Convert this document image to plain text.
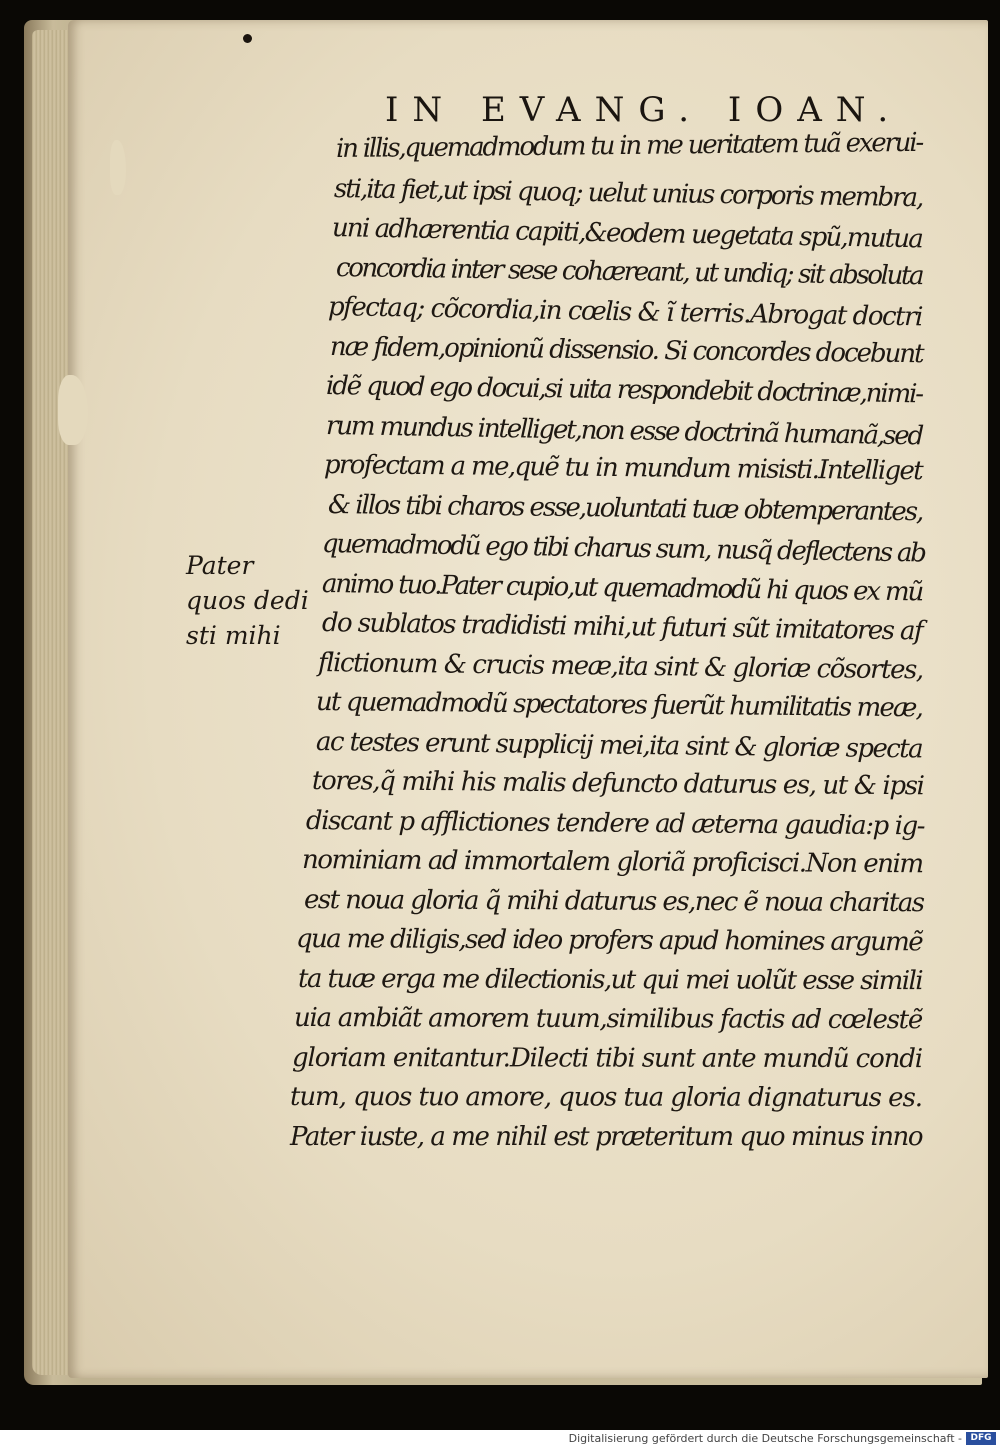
IN EVANG. IOAN.
Pater
quos dedi
sti mihi
in illis,quemadmodum tu in me ueritatem tuã exerui-
sti,ita fiet,ut ipsi quoq; uelut unius corporis membra,
uni adhærentia capiti,&eodem uegetata spũ,mutua
concordia inter sese cohæreant, ut undiq; sit absoluta
pfectaq; cõcordia,in cœlis & ĩ terris.Abrogat doctri
næ fidem,opinionũ dissensio. Si concordes docebunt
idẽ quod ego docui,si uita respondebit doctrinæ,nimi-
rum mundus intelliget,non esse doctrinã humanã,sed
profectam a me,quẽ tu in mundum misisti.Intelliget
& illos tibi charos esse,uoluntati tuæ obtemperantes,
quemadmodũ ego tibi charus sum, nusq̃ deflectens ab
animo tuo.Pater cupio,ut quemadmodũ hi quos ex mũ
do sublatos tradidisti mihi,ut futuri sũt imitatores af
flictionum & crucis meæ,ita sint & gloriæ cõsortes,
ut quemadmodũ spectatores fuerũt humilitatis meæ,
ac testes erunt supplicij mei,ita sint & gloriæ specta
tores,q̃ mihi his malis defuncto daturus es, ut & ipsi
discant p afflictiones tendere ad æterna gaudia:p ig-
nominiam ad immortalem gloriã proficisci.Non enim
est noua gloria q̃ mihi daturus es,nec ẽ noua charitas
qua me diligis,sed ideo profers apud homines argumẽ
ta tuæ erga me dilectionis,ut qui mei uolũt esse simili
uia ambiãt amorem tuum,similibus factis ad cœlestẽ
gloriam enitantur.Dilecti tibi sunt ante mundũ condi
tum, quos tuo amore, quos tua gloria dignaturus es.
Pater iuste, a me nihil est præteritum quo minus inno
Digitalisierung gefördert durch die Deutsche Forschungsgemeinschaft - DFG
